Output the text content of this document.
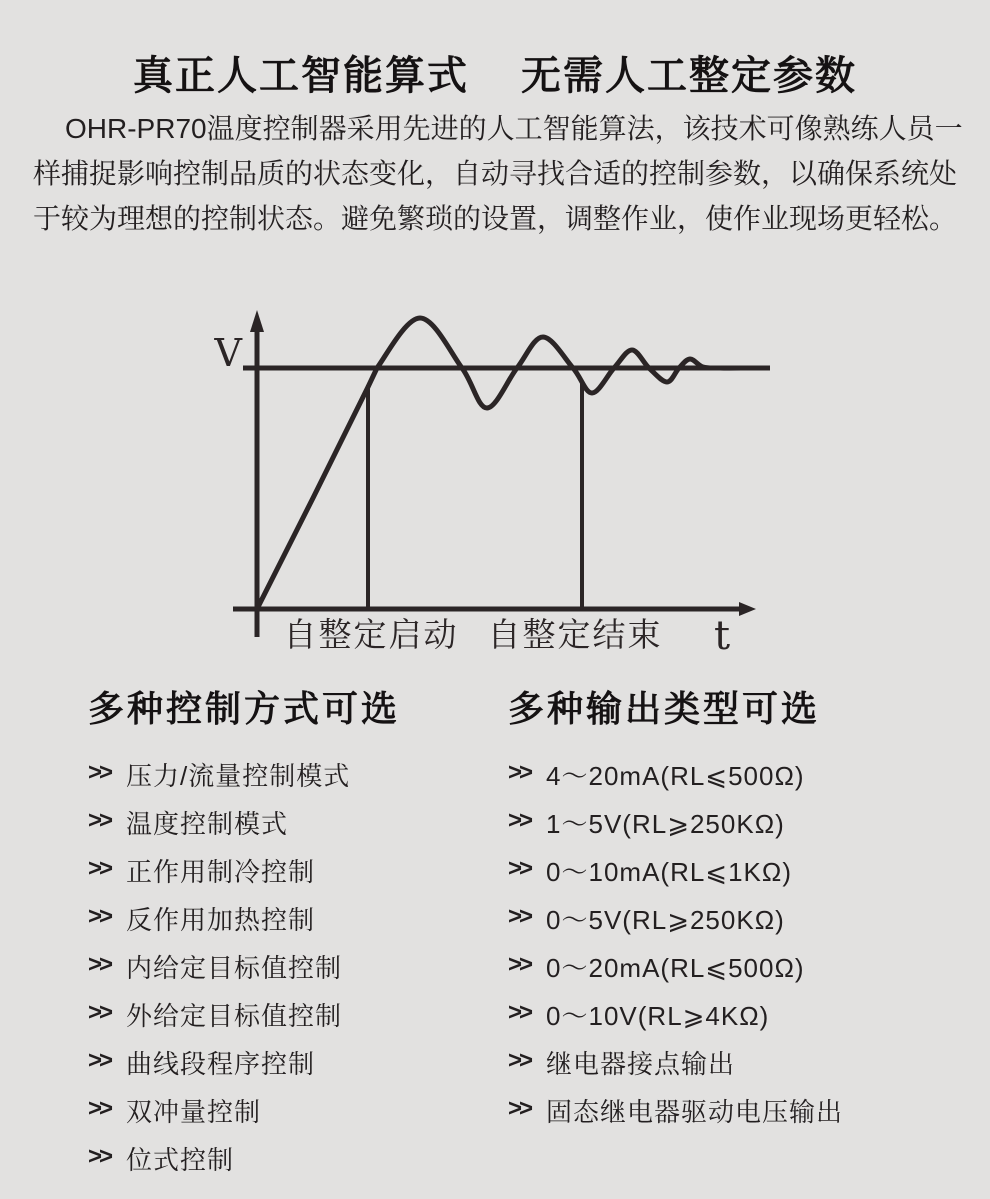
真正人工智能算式 无需人工整定参数
OHR-PR70温度控制器采用先进的人工智能算法，该技术可像熟练人员一
样捕捉影响控制品质的状态变化，自动寻找合适的控制参数，以确保系统处
于较为理想的控制状态。避免繁琐的设置，调整作业，使作业现场更轻松。
V
t
自整定启动 自整定结束
多种控制方式可选
>> 压力/流量控制模式
>> 温度控制模式
>> 正作用制冷控制
>> 反作用加热控制
>> 内给定目标值控制
>> 外给定目标值控制
>> 曲线段程序控制
>> 双冲量控制
>> 位式控制
多种输出类型可选
>> 4～20mA(RL⩽500Ω)
>> 1～5V(RL⩾250KΩ)
>> 0～10mA(RL⩽1KΩ)
>> 0～5V(RL⩾250KΩ)
>> 0～20mA(RL⩽500Ω)
>> 0～10V(RL⩾4KΩ)
>> 继电器接点输出
>> 固态继电器驱动电压输出
